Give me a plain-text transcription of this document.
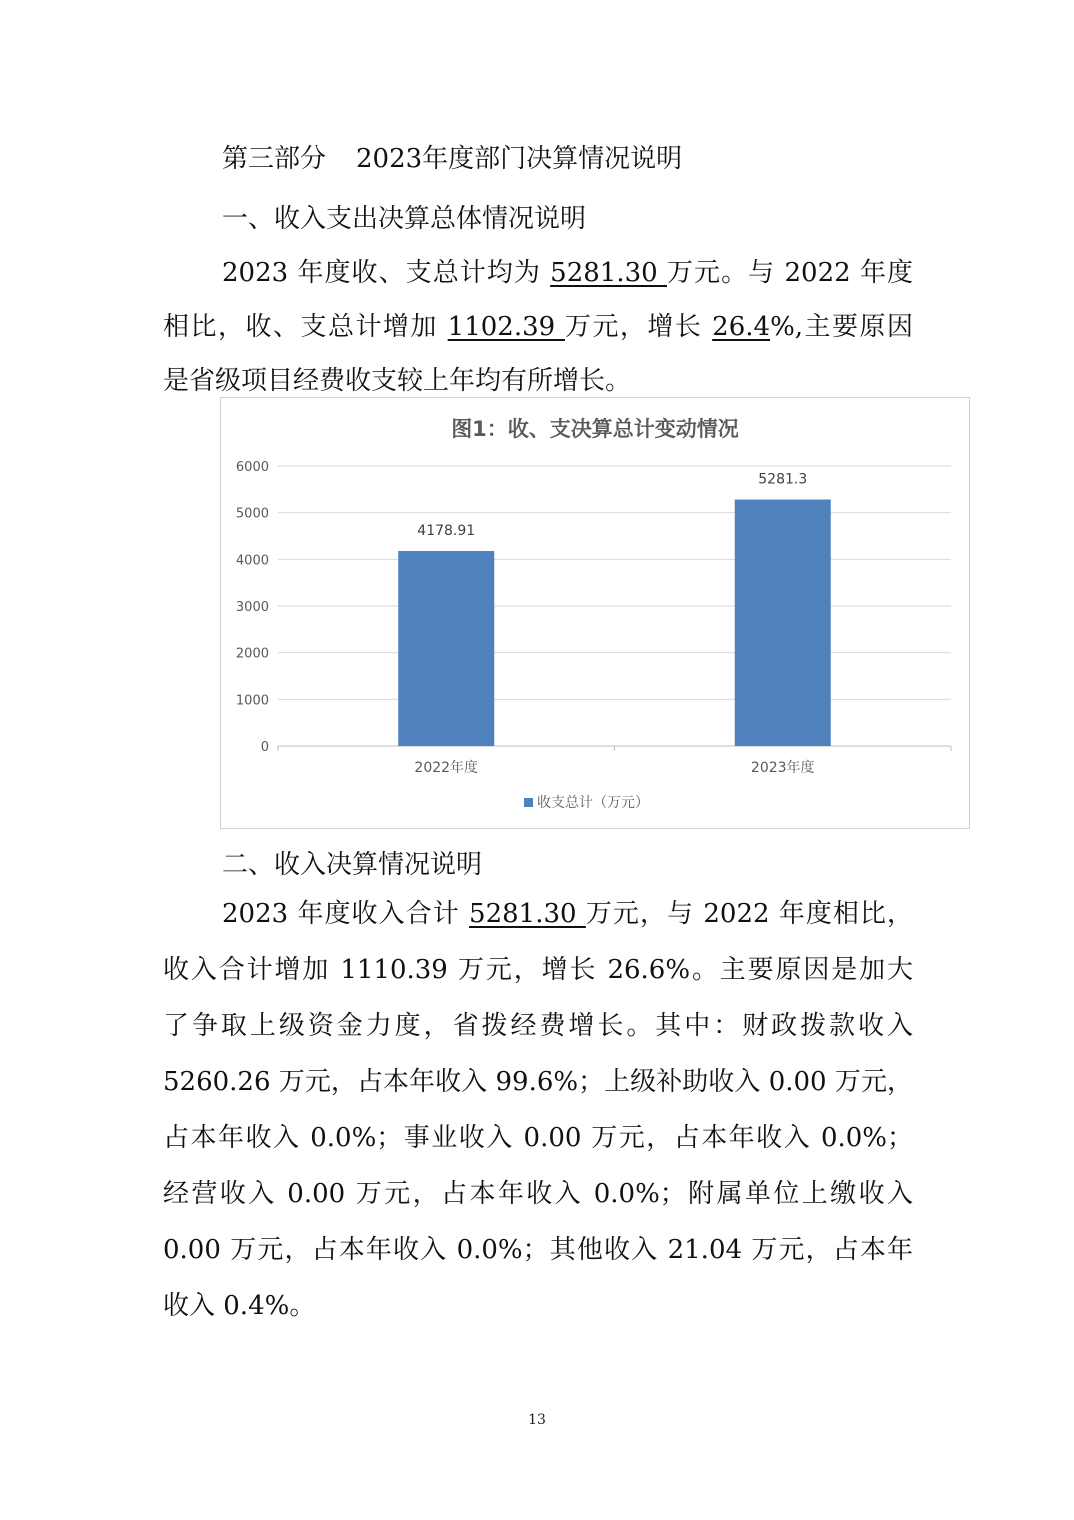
第三部分 2023年度部门决算情况说明
一、收入支出决算总体情况说明
2023 年度收、支总计均为 5281.30 万元。与 2022 年度
相比，收、支总计增加 1102.39 万元，增长 26.4%,主要原因
是省级项目经费收支较上年均有所增长。
图1：收、支决算总计变动情况
0
1000
2000
3000
4000
5000
6000
4178.91
2022年度
5281.3
2023年度
收支总计（万元）
二、收入决算情况说明
2023 年度收入合计 5281.30 万元，与 2022 年度相比，
收入合计增加 1110.39 万元，增长 26.6%。主要原因是加大
了争取上级资金力度，省拨经费增长。其中：财政拨款收入
5260.26 万元，占本年收入 99.6%；上级补助收入 0.00 万元，
占本年收入 0.0%；事业收入 0.00 万元，占本年收入 0.0%；
经营收入 0.00 万元，占本年收入 0.0%；附属单位上缴收入
0.00 万元，占本年收入 0.0%；其他收入 21.04 万元，占本年
收入 0.4%。
13
